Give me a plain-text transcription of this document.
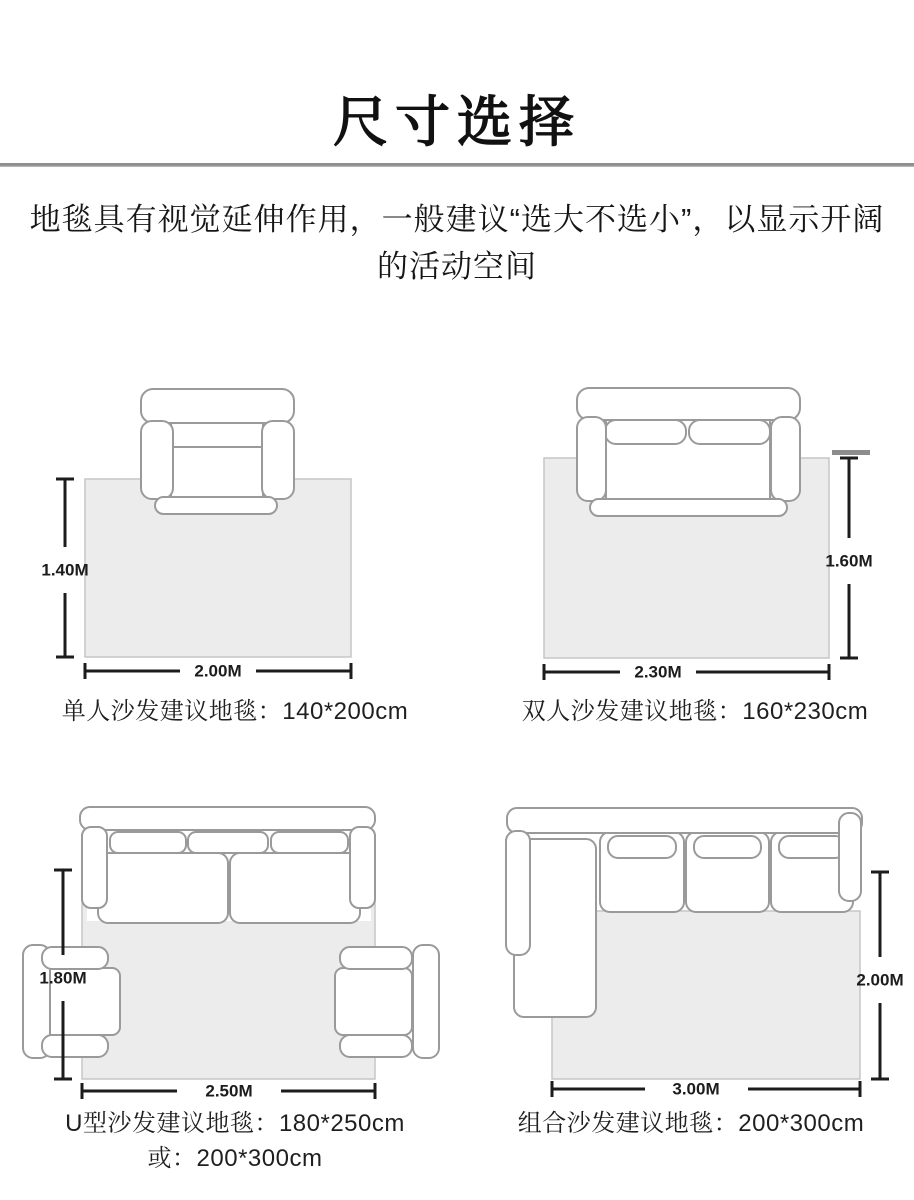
尺寸选择
地毯具有视觉延伸作用，一般建议“选大不选小”，以显示开阔
的活动空间
1.40M
2.00M
单人沙发建议地毯：140*200cm
1.60M
2.30M
双人沙发建议地毯：160*230cm
1.80M
2.50M
U型沙发建议地毯：180*250cm
或：200*300cm
2.00M
3.00M
组合沙发建议地毯：200*300cm
